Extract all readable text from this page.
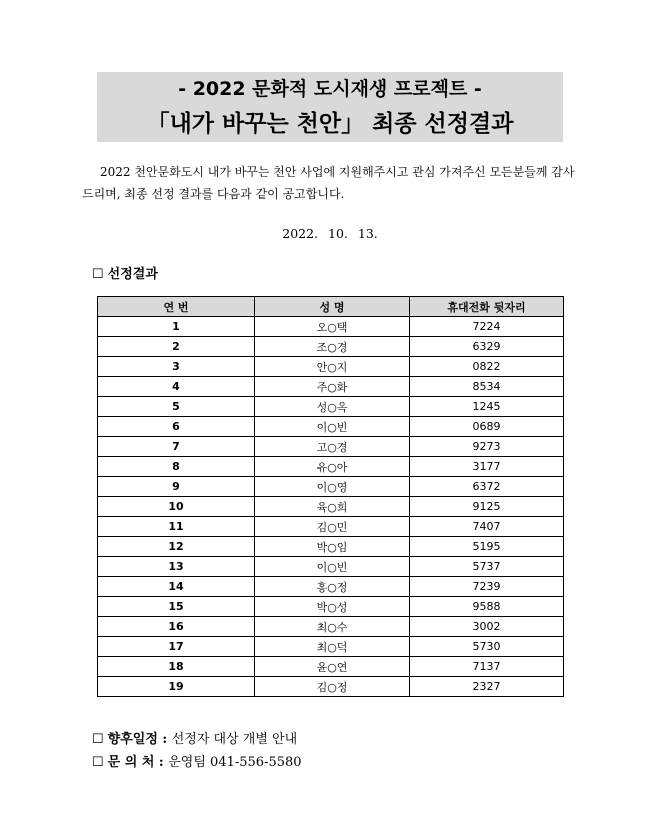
- 2022 문화적 도시재생 프로젝트 -
「내가 바꾸는 천안」 최종 선정결과
2022 천안문화도시 내가 바꾸는 천안 사업에 지원해주시고 관심 가져주신 모든분들께 감사드리며, 최종 선정 결과를 다음과 같이 공고합니다.
2022. 10. 13.
☐ 선정결과
연 번	성 명	휴대전화 뒷자리
1	오○택	7224
2	조○경	6329
3	안○지	0822
4	주○화	8534
5	성○옥	1245
6	이○빈	0689
7	고○경	9273
8	유○아	3177
9	이○영	6372
10	육○희	9125
11	김○민	7407
12	박○임	5195
13	이○빈	5737
14	홍○정	7239
15	박○성	9588
16	최○수	3002
17	최○덕	5730
18	윤○연	7137
19	김○정	2327
☐ 향후일정 : 선정자 대상 개별 안내
☐ 문 의 처 : 운영팀 041-556-5580
